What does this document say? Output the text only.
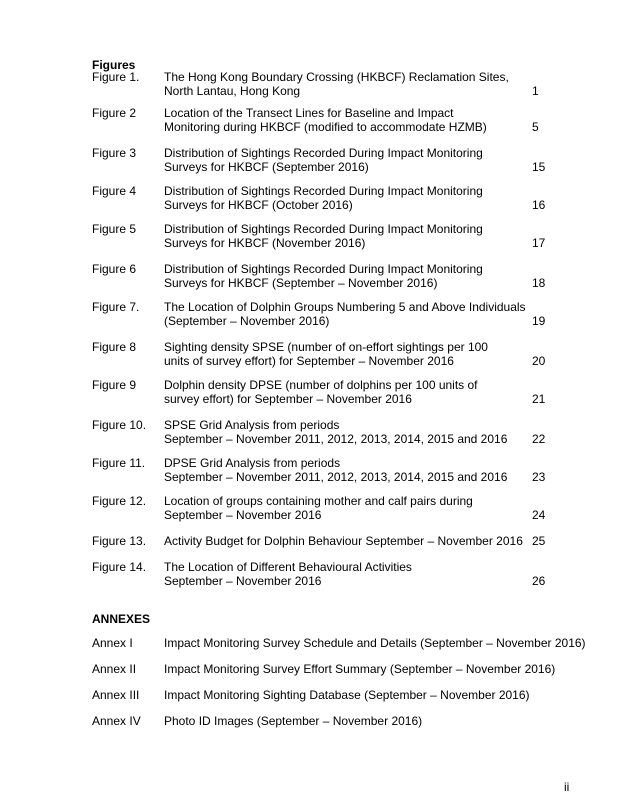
Figures
Figure 1. The Hong Kong Boundary Crossing (HKBCF) Reclamation Sites,
North Lantau, Hong Kong	1
Figure 2 Location of the Transect Lines for Baseline and Impact
Monitoring during HKBCF (modified to accommodate HZMB)	5
Figure 3 Distribution of Sightings Recorded During Impact Monitoring
Surveys for HKBCF (September 2016)	15
Figure 4 Distribution of Sightings Recorded During Impact Monitoring
Surveys for HKBCF (October 2016)	16
Figure 5 Distribution of Sightings Recorded During Impact Monitoring
Surveys for HKBCF (November 2016)	17
Figure 6 Distribution of Sightings Recorded During Impact Monitoring
Surveys for HKBCF (September – November 2016)	18
Figure 7. The Location of Dolphin Groups Numbering 5 and Above Individuals
(September – November 2016)	19
Figure 8 Sighting density SPSE (number of on-effort sightings per 100
units of survey effort) for September – November 2016	20
Figure 9 Dolphin density DPSE (number of dolphins per 100 units of
survey effort) for September – November 2016	21
Figure 10. SPSE Grid Analysis from periods
September – November 2011, 2012, 2013, 2014, 2015 and 2016 22
Figure 11. DPSE Grid Analysis from periods
September – November 2011, 2012, 2013, 2014, 2015 and 2016 23
Figure 12. Location of groups containing mother and calf pairs during
September – November 2016	24
Figure 13. Activity Budget for Dolphin Behaviour September – November 2016 25
Figure 14. The Location of Different Behavioural Activities
September – November 2016	26
ANNEXES
Annex I	Impact Monitoring Survey Schedule and Details (September – November 2016)
Annex II Impact Monitoring Survey Effort Summary (September – November 2016)
Annex III Impact Monitoring Sighting Database (September – November 2016)
Annex IV Photo ID Images (September – November 2016)
ii
